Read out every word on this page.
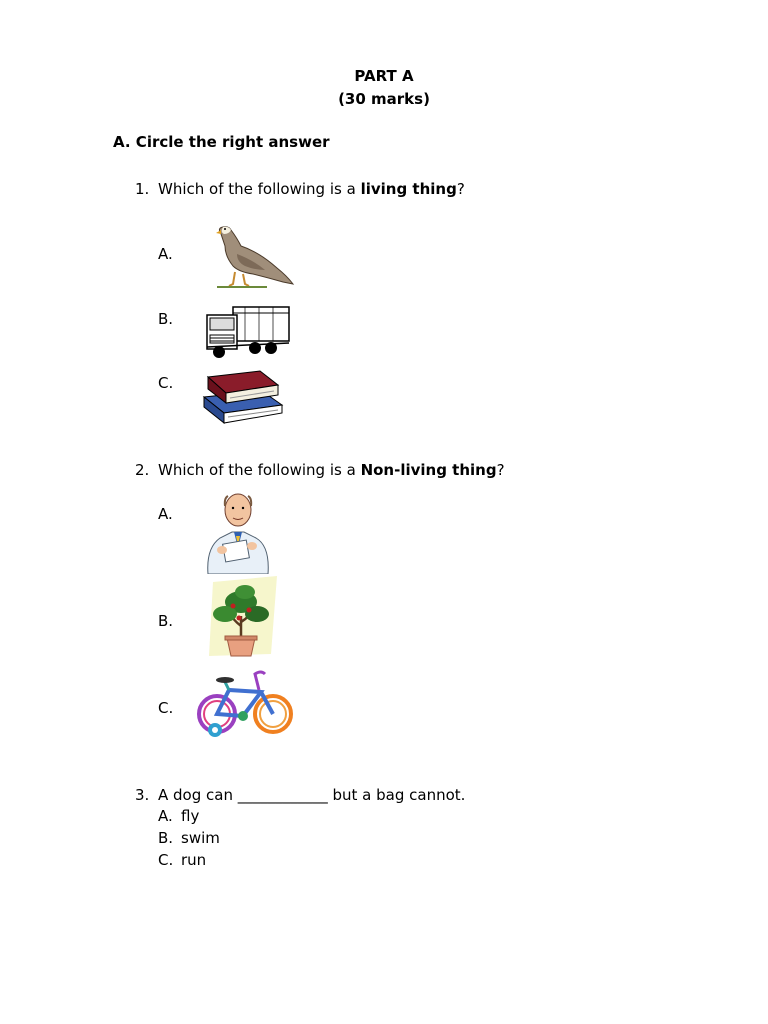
PART A
(30 marks)
A. Circle the right answer
1. Which of the following is a living thing?
A.
B.
C.
2. Which of the following is a Non-living thing?
A.
B.
C.
3. A dog can ____________ but a bag cannot.
A. fly
B. swim
C. run
